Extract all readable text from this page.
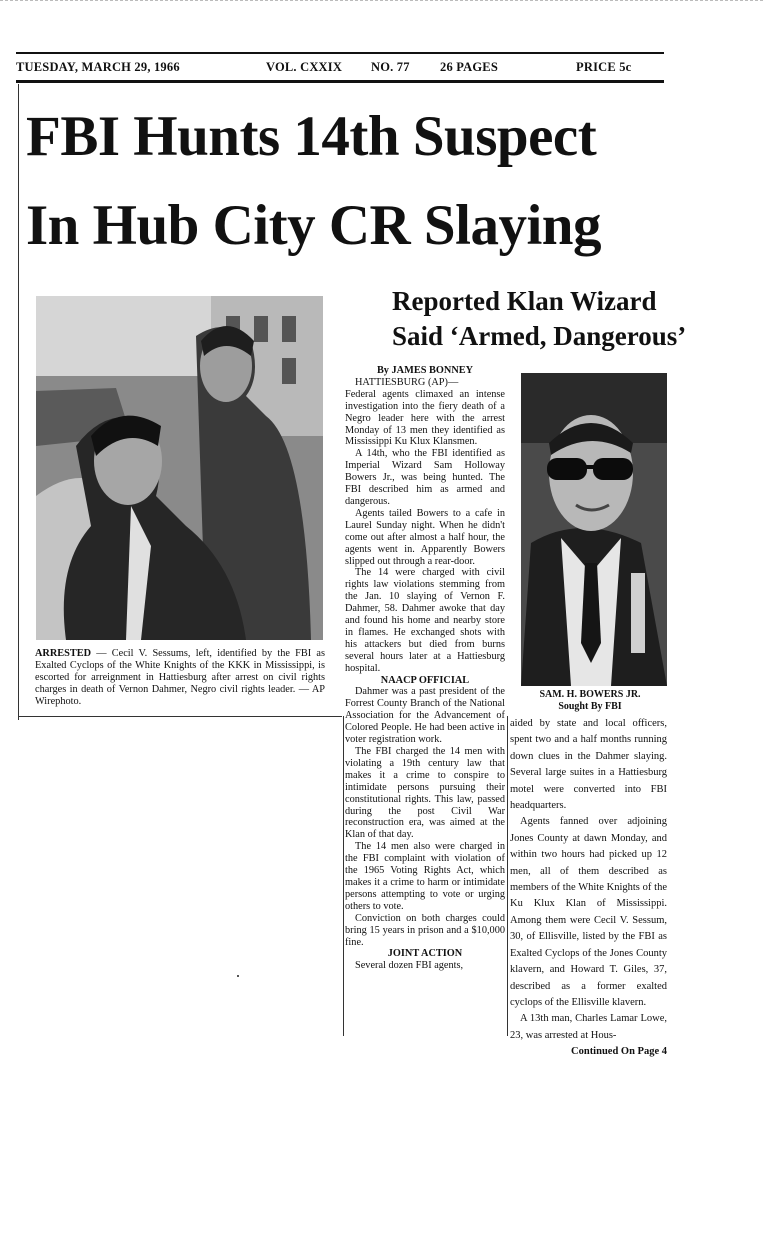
TUESDAY, MARCH 29, 1966	VOL. CXXIX NO. 77 26 PAGES	PRICE 5c
FBI Hunts 14th Suspect
In Hub City CR Slaying
Reported Klan Wizard
Said ‘Armed, Dangerous’
ARRESTED — Cecil V. Sessums, left, identified by the FBI as Exalted Cyclops of the White Knights of the KKK in Mississippi, is escorted for arreignment in Hattiesburg after arrest on civil rights charges in death of Vernon Dahmer, Negro civil rights leader. — AP Wirephoto.
SAM. H. BOWERS JR.
Sought By FBI

By JAMES BONNEY

HATTIESBURG (AP)—

Federal agents climaxed an intense investigation into the fiery death of a Negro leader here with the arrest Monday of 13 men they identified as Mississippi Ku Klux Klansmen.

A 14th, who the FBI identified as Imperial Wizard Sam Holloway Bowers Jr., was being hunted. The FBI described him as armed and dangerous.

Agents tailed Bowers to a cafe in Laurel Sunday night. When he didn't come out after almost a half hour, the agents went in. Apparently Bowers slipped out through a rear-door.

The 14 were charged with civil rights law violations stemming from the Jan. 10 slaying of Vernon F. Dahmer, 58. Dahmer awoke that day and found his home and nearby store in flames. He exchanged shots with his attackers but died from burns several hours later at a Hattiesburg hospital.

NAACP OFFICIAL

Dahmer was a past president of the Forrest County Branch of the National Association for the Advancement of Colored People. He had been active in voter registration work.

The FBI charged the 14 men with violating a 19th century law that makes it a crime to conspire to intimidate persons pursuing their constitutional rights. This law, passed during the post Civil War reconstruction era, was aimed at the Klan of that day.

The 14 men also were charged in the FBI complaint with violation of the 1965 Voting Rights Act, which makes it a crime to harm or intimidate persons attempting to vote or urging others to vote.

Conviction on both charges could bring 15 years in prison and a $10,000 fine.

JOINT ACTION

Several dozen FBI agents,

aided by state and local officers, spent two and a half months running down clues in the Dahmer slaying. Several large suites in a Hattiesburg motel were converted into FBI headquarters.

Agents fanned over adjoining Jones County at dawn Monday, and within two hours had picked up 12 men, all of them described as members of the White Knights of the Ku Klux Klan of Mississippi. Among them were Cecil V. Sessum, 30, of Ellisville, listed by the FBI as Exalted Cyclops of the Jones County klavern, and Howard T. Giles, 37, described as a former exalted cyclops of the Ellisville klavern.

A 13th man, Charles Lamar Lowe, 23, was arrested at Hous-

Continued On Page 4
